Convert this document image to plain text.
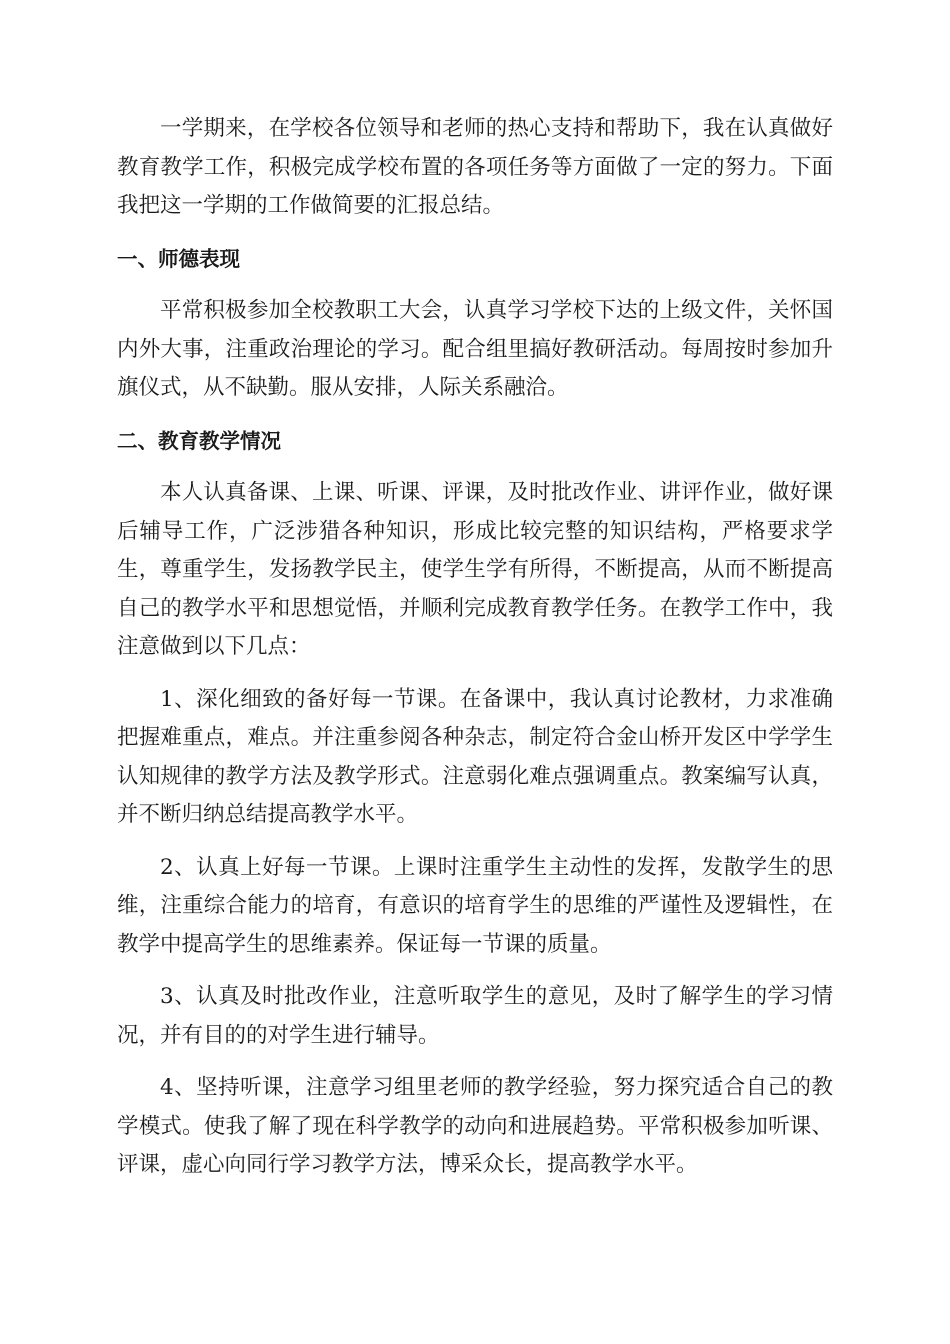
一学期来，在学校各位领导和老师的热心支持和帮助下，我在认真做好教育教学工作，积极完成学校布置的各项任务等方面做了一定的努力。下面我把这一学期的工作做简要的汇报总结。

一、师德表现

平常积极参加全校教职工大会，认真学习学校下达的上级文件，关怀国内外大事，注重政治理论的学习。配合组里搞好教研活动。每周按时参加升旗仪式，从不缺勤。服从安排，人际关系融洽。

二、教育教学情况

本人认真备课、上课、听课、评课，及时批改作业、讲评作业，做好课后辅导工作，广泛涉猎各种知识，形成比较完整的知识结构，严格要求学生，尊重学生，发扬教学民主，使学生学有所得，不断提高，从而不断提高自己的教学水平和思想觉悟，并顺利完成教育教学任务。在教学工作中，我注意做到以下几点：

1、深化细致的备好每一节课。在备课中，我认真讨论教材，力求准确把握难重点，难点。并注重参阅各种杂志，制定符合金山桥开发区中学学生认知规律的教学方法及教学形式。注意弱化难点强调重点。教案编写认真，并不断归纳总结提高教学水平。

2、认真上好每一节课。上课时注重学生主动性的发挥，发散学生的思维，注重综合能力的培育，有意识的培育学生的思维的严谨性及逻辑性，在教学中提高学生的思维素养。保证每一节课的质量。

3、认真及时批改作业，注意听取学生的意见，及时了解学生的学习情况，并有目的的对学生进行辅导。

4、坚持听课，注意学习组里老师的教学经验，努力探究适合自己的教学模式。使我了解了现在科学教学的动向和进展趋势。平常积极参加听课、评课，虚心向同行学习教学方法，博采众长，提高教学水平。
